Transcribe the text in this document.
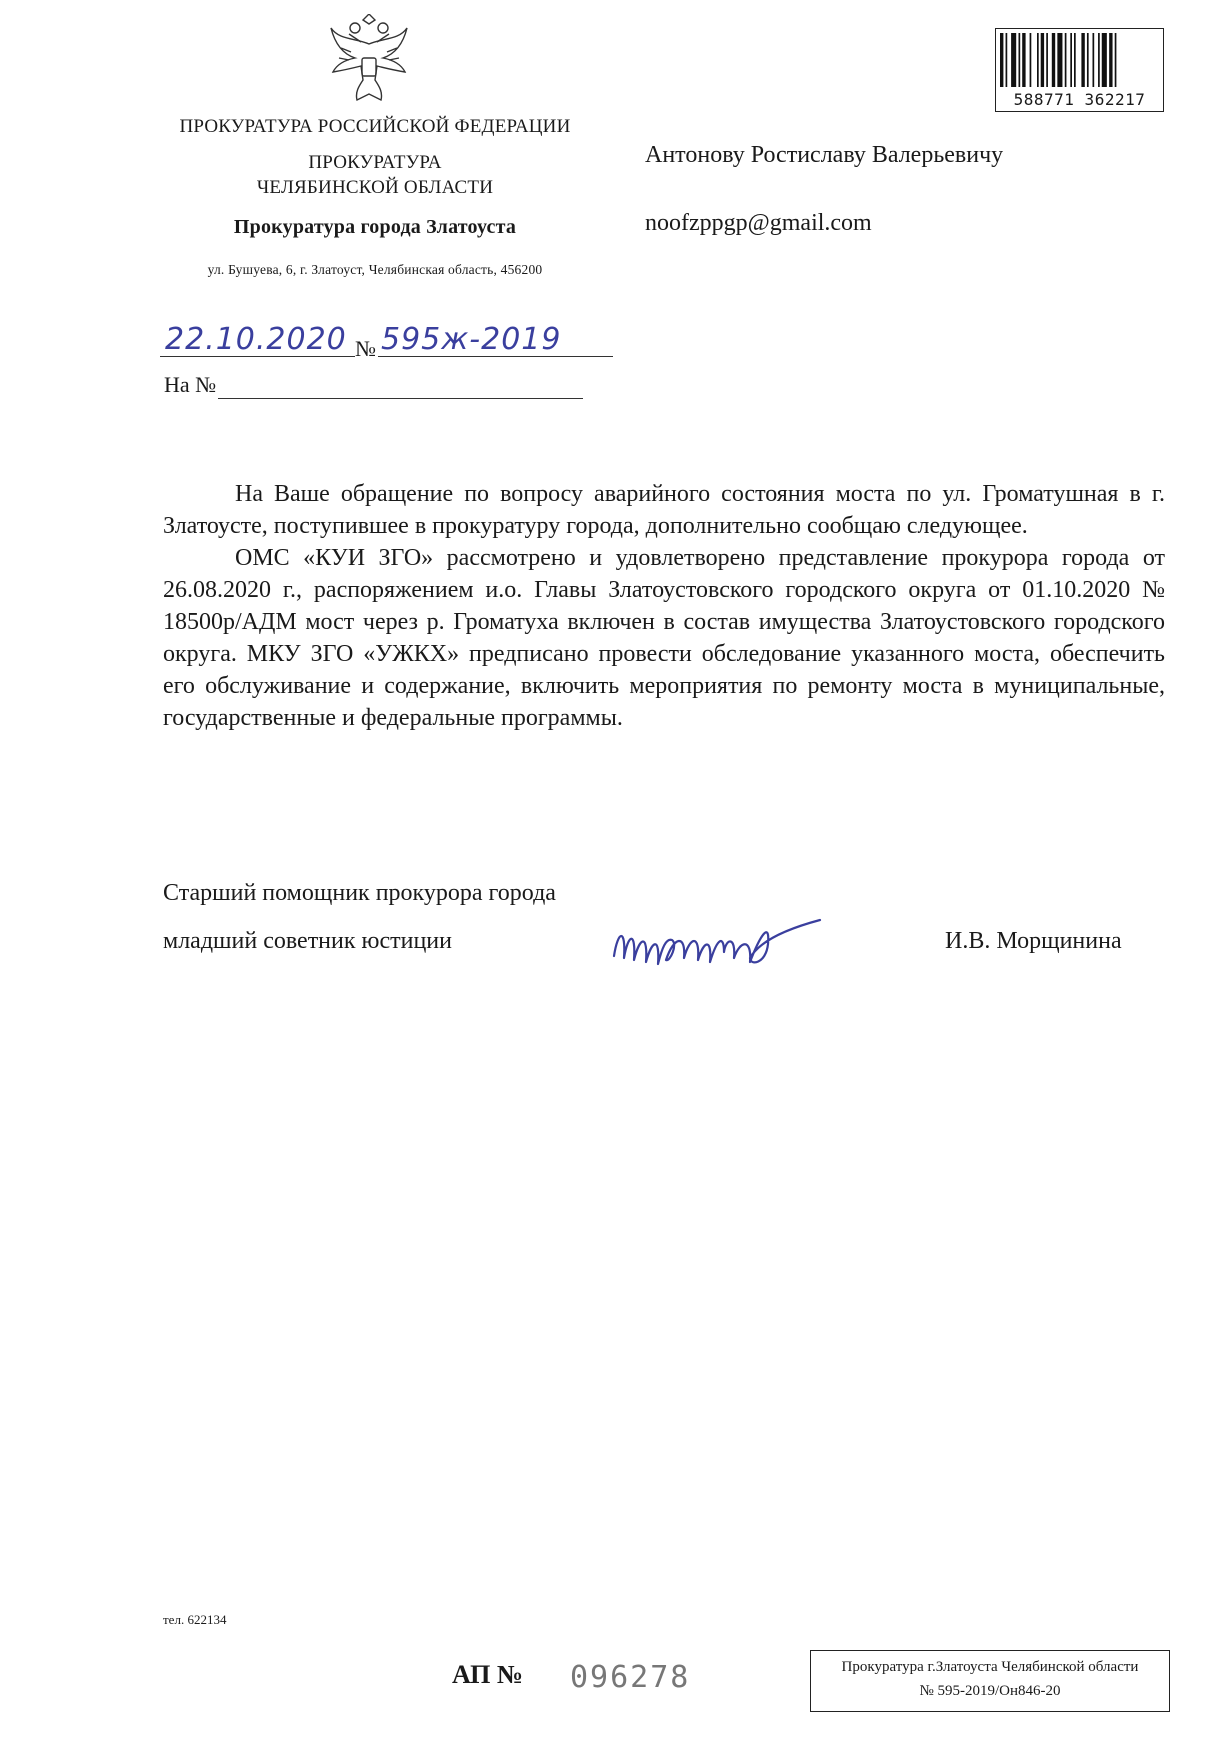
ПРОКУРАТУРА РОССИЙСКОЙ ФЕДЕРАЦИИ
ПРОКУРАТУРА
ЧЕЛЯБИНСКОЙ ОБЛАСТИ
Прокуратура города Златоуста
ул. Бушуева, 6, г. Златоуст, Челябинская область, 456200
22.10.2020 № 595ж-2019
На №
Антонову Ростиславу Валерьевичу
noofzppgp@gmail.com
588771 362217

На Ваше обращение по вопросу аварийного состояния моста по ул. Громатушная в г. Златоусте, поступившее в прокуратуру города, дополнительно сообщаю следующее.

ОМС «КУИ ЗГО» рассмотрено и удовлетворено представление прокурора города от 26.08.2020 г., распоряжением и.о. Главы Златоустовского городского округа от 01.10.2020 № 18500р/АДМ мост через р. Громатуха включен в состав имущества Златоустовского городского округа. МКУ ЗГО «УЖКХ» предписано провести обследование указанного моста, обеспечить его обслуживание и содержание, включить мероприятия по ремонту моста в муниципальные, государственные и федеральные программы.

Старший помощник прокурора города
младший советник юстиции	И.В. Морщинина
тел. 622134
АП № 096278	Прокуратура г.Златоуста Челябинской области
№ 595-2019/Он846-20
